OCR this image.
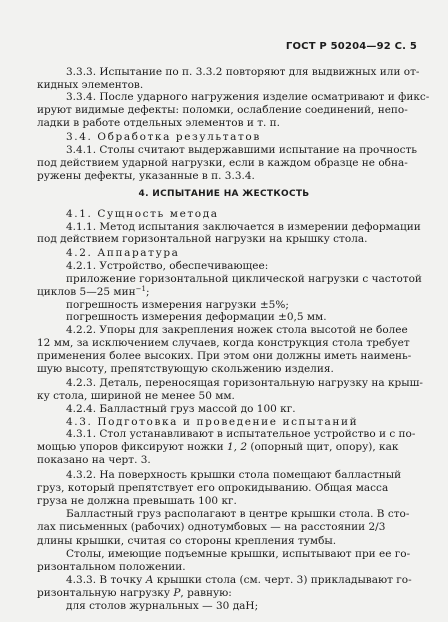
ГОСТ Р 50204—92 С. 5
3.3.3. Испытание по п. 3.3.2 повторяют для выдвижных или от-
кидных элементов.
3.3.4. После ударного нагружения изделие осматривают и фикс-
ируют видимые дефекты: поломки, ослабление соединений, непо-
ладки в работе отдельных элементов и т. п.
3.4. Обработка результатов
3.4.1. Столы считают выдержавшими испытание на прочность
под действием ударной нагрузки, если в каждом образце не обна-
ружены дефекты, указанные в п. 3.3.4.
4. ИСПЫТАНИЕ НА ЖЕСТКОСТЬ
4.1. Сущность метода
4.1.1. Метод испытания заключается в измерении деформации
под действием горизонтальной нагрузки на крышку стола.
4.2. Аппаратура
4.2.1. Устройство, обеспечивающее:
приложение горизонтальной циклической нагрузки с частотой
циклов 5—25 мин$^{-1}$;
погрешность измерения нагрузки ±5%;
погрешность измерения деформации ±0,5 мм.
4.2.2. Упоры для закрепления ножек стола высотой не более
12 мм, за исключением случаев, когда конструкция стола требует
применения более высоких. При этом они должны иметь наимень-
шую высоту, препятствующую скольжению изделия.
4.2.3. Деталь, переносящая горизонтальную нагрузку на крыш-
ку стола, шириной не менее 50 мм.
4.2.4. Балластный груз массой до 100 кг.
4.3. Подготовка и проведение испытаний
4.3.1. Стол устанавливают в испытательное устройство и с по-
мощью упоров фиксируют ножки 1, 2 (опорный щит, опору), как
показано на черт. 3.
4.3.2. На поверхность крышки стола помещают балластный
груз, который препятствует его опрокидыванию. Общая масса
груза не должна превышать 100 кг.
Балластный груз располагают в центре крышки стола. В сто-
лах письменных (рабочих) однотумбовых — на расстоянии 2/3
длины крышки, считая со стороны крепления тумбы.
Столы, имеющие подъемные крышки, испытывают при ее го-
ризонтальном положении.
4.3.3. В точку А крышки стола (см. черт. 3) прикладывают го-
ризонтальную нагрузку Р, равную:
для столов журнальных — 30 даН;
